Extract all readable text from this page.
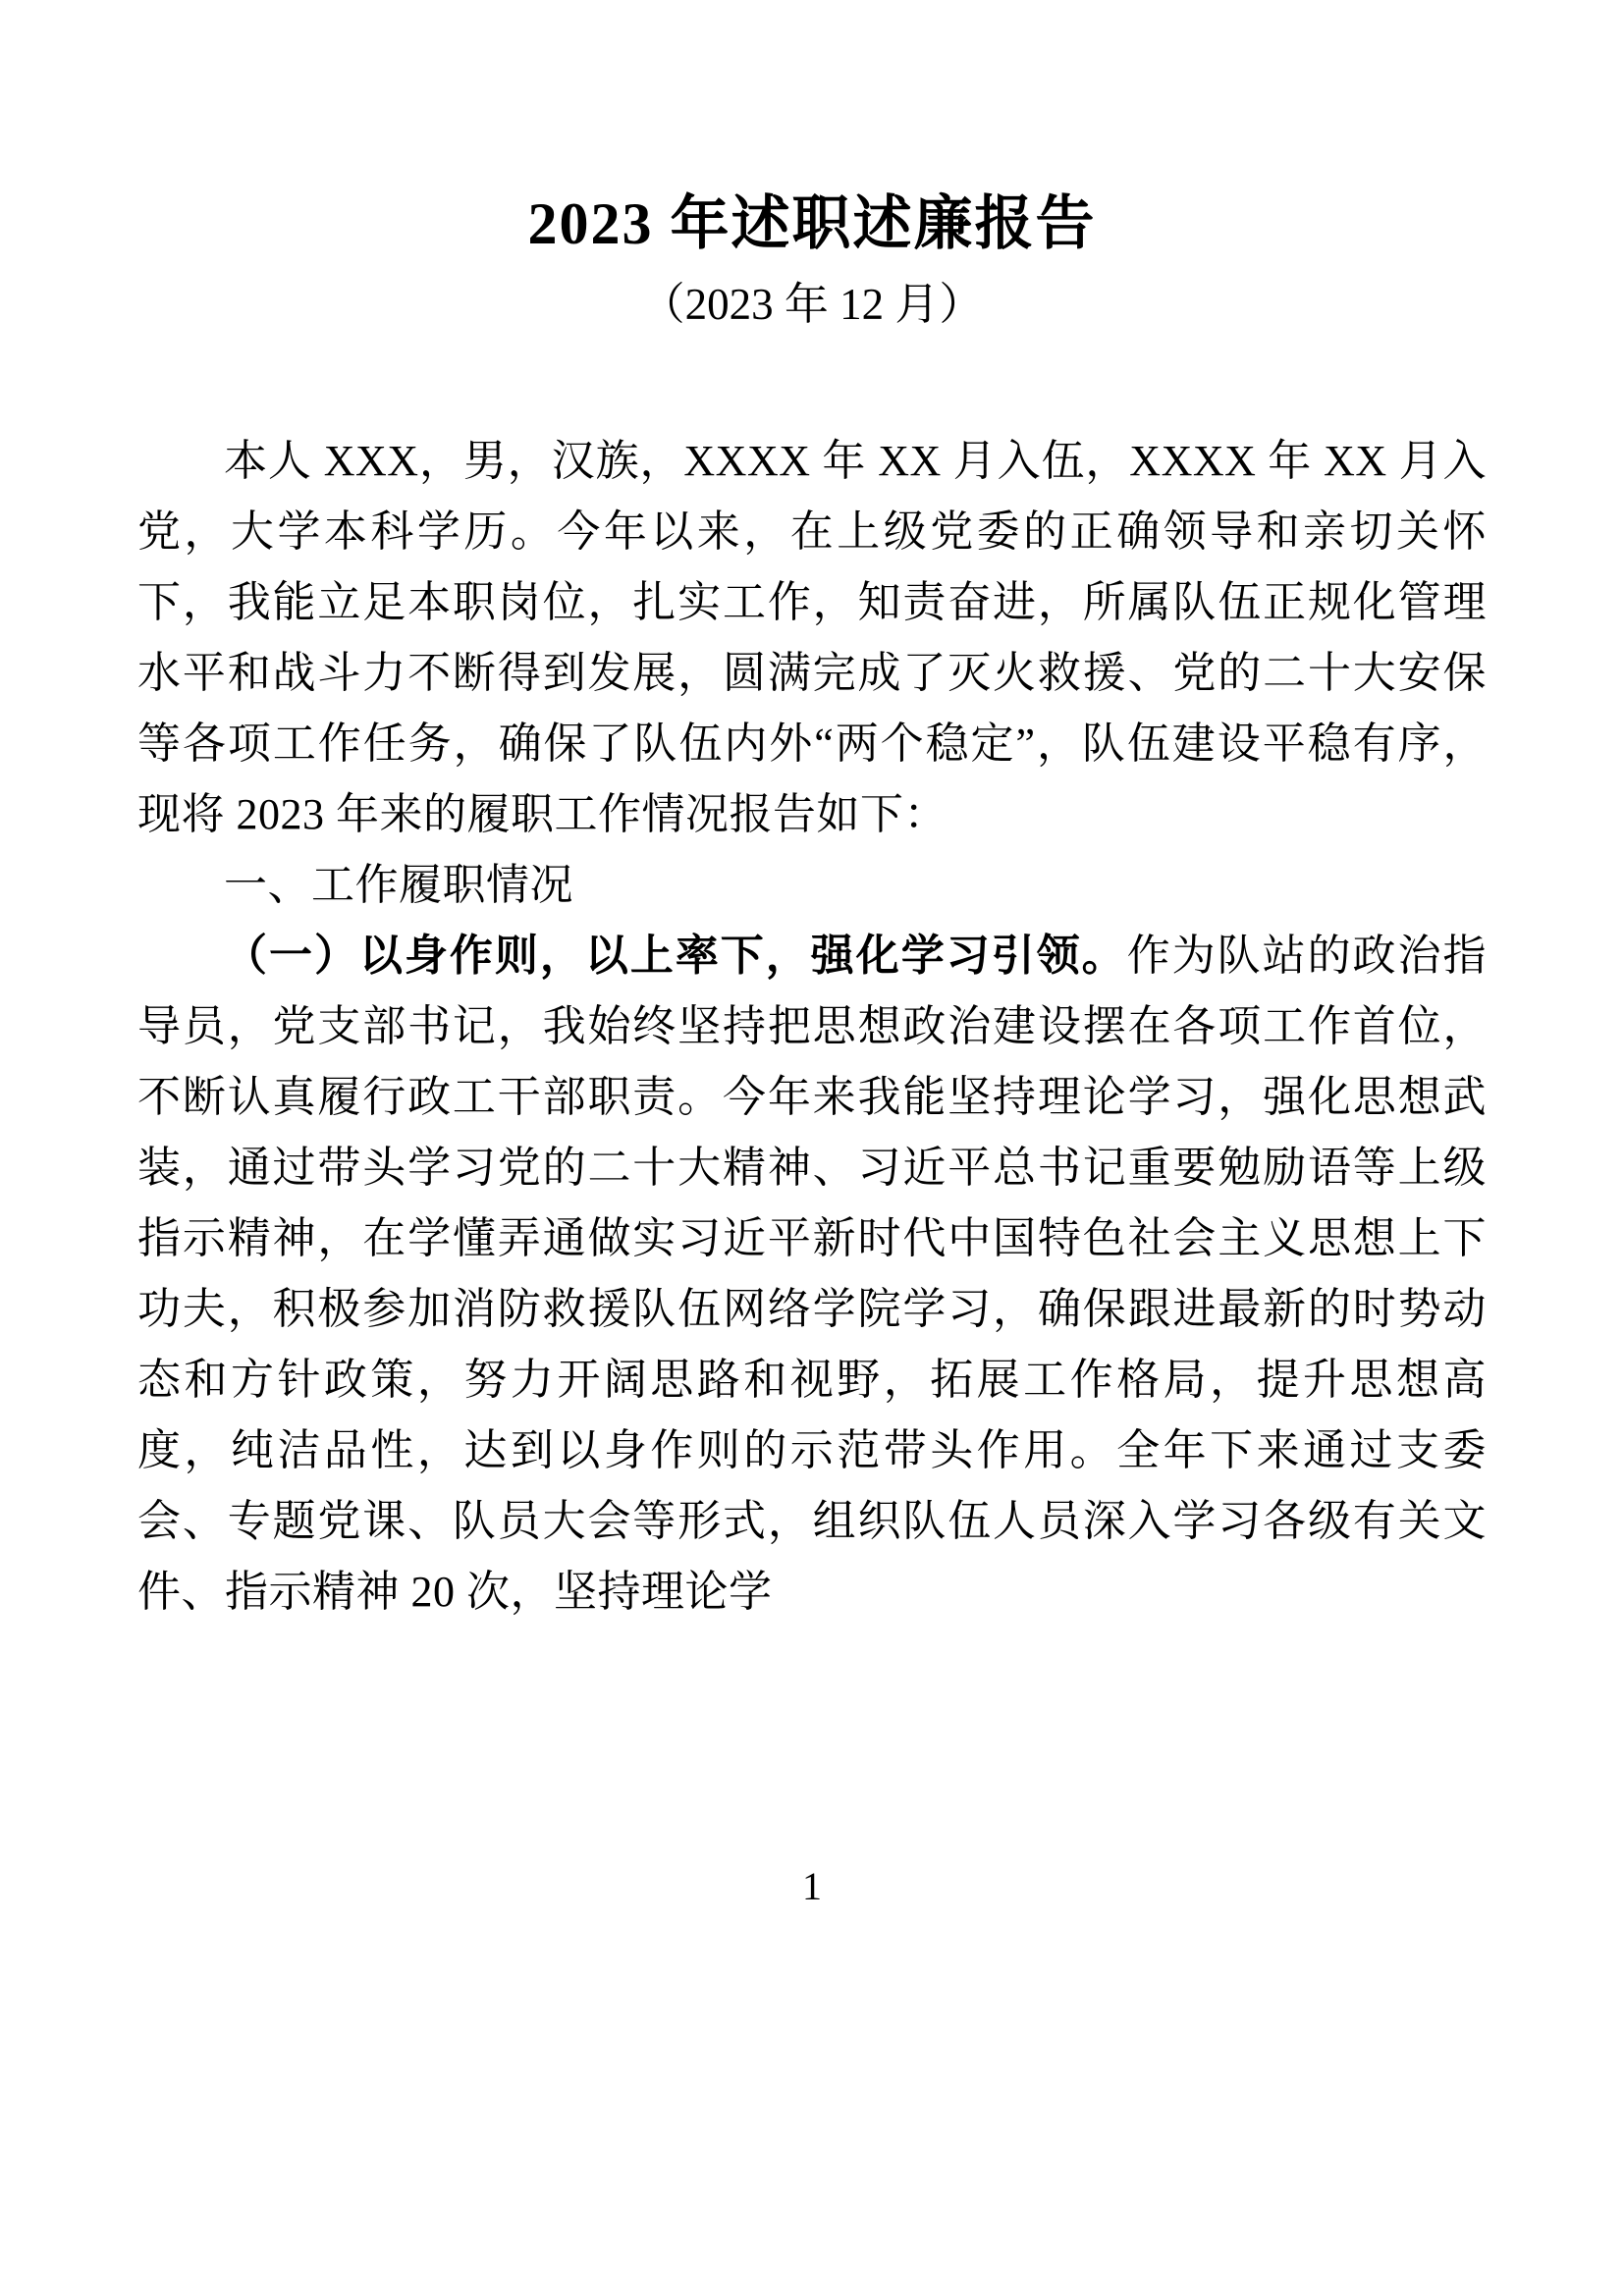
2023 年述职述廉报告
（2023 年 12 月）

本人 XXX，男，汉族，XXXX 年 XX 月入伍，XXXX 年 XX 月入党，大学本科学历。今年以来，在上级党委的正确领导和亲切关怀下，我能立足本职岗位，扎实工作，知责奋进，所属队伍正规化管理水平和战斗力不断得到发展，圆满完成了灭火救援、党的二十大安保等各项工作任务，确保了队伍内外“两个稳定”，队伍建设平稳有序，现将 2023 年来的履职工作情况报告如下：

一、工作履职情况

（一）以身作则，以上率下，强化学习引领。作为队站的政治指导员，党支部书记，我始终坚持把思想政治建设摆在各项工作首位，不断认真履行政工干部职责。今年来我能坚持理论学习，强化思想武装，通过带头学习党的二十大精神、习近平总书记重要勉励语等上级指示精神，在学懂弄通做实习近平新时代中国特色社会主义思想上下功夫，积极参加消防救援队伍网络学院学习，确保跟进最新的时势动态和方针政策，努力开阔思路和视野，拓展工作格局，提升思想高度，纯洁品性，达到以身作则的示范带头作用。全年下来通过支委会、专题党课、队员大会等形式，组织队伍人员深入学习各级有关文件、指示精神 20 次，坚持理论学

1
